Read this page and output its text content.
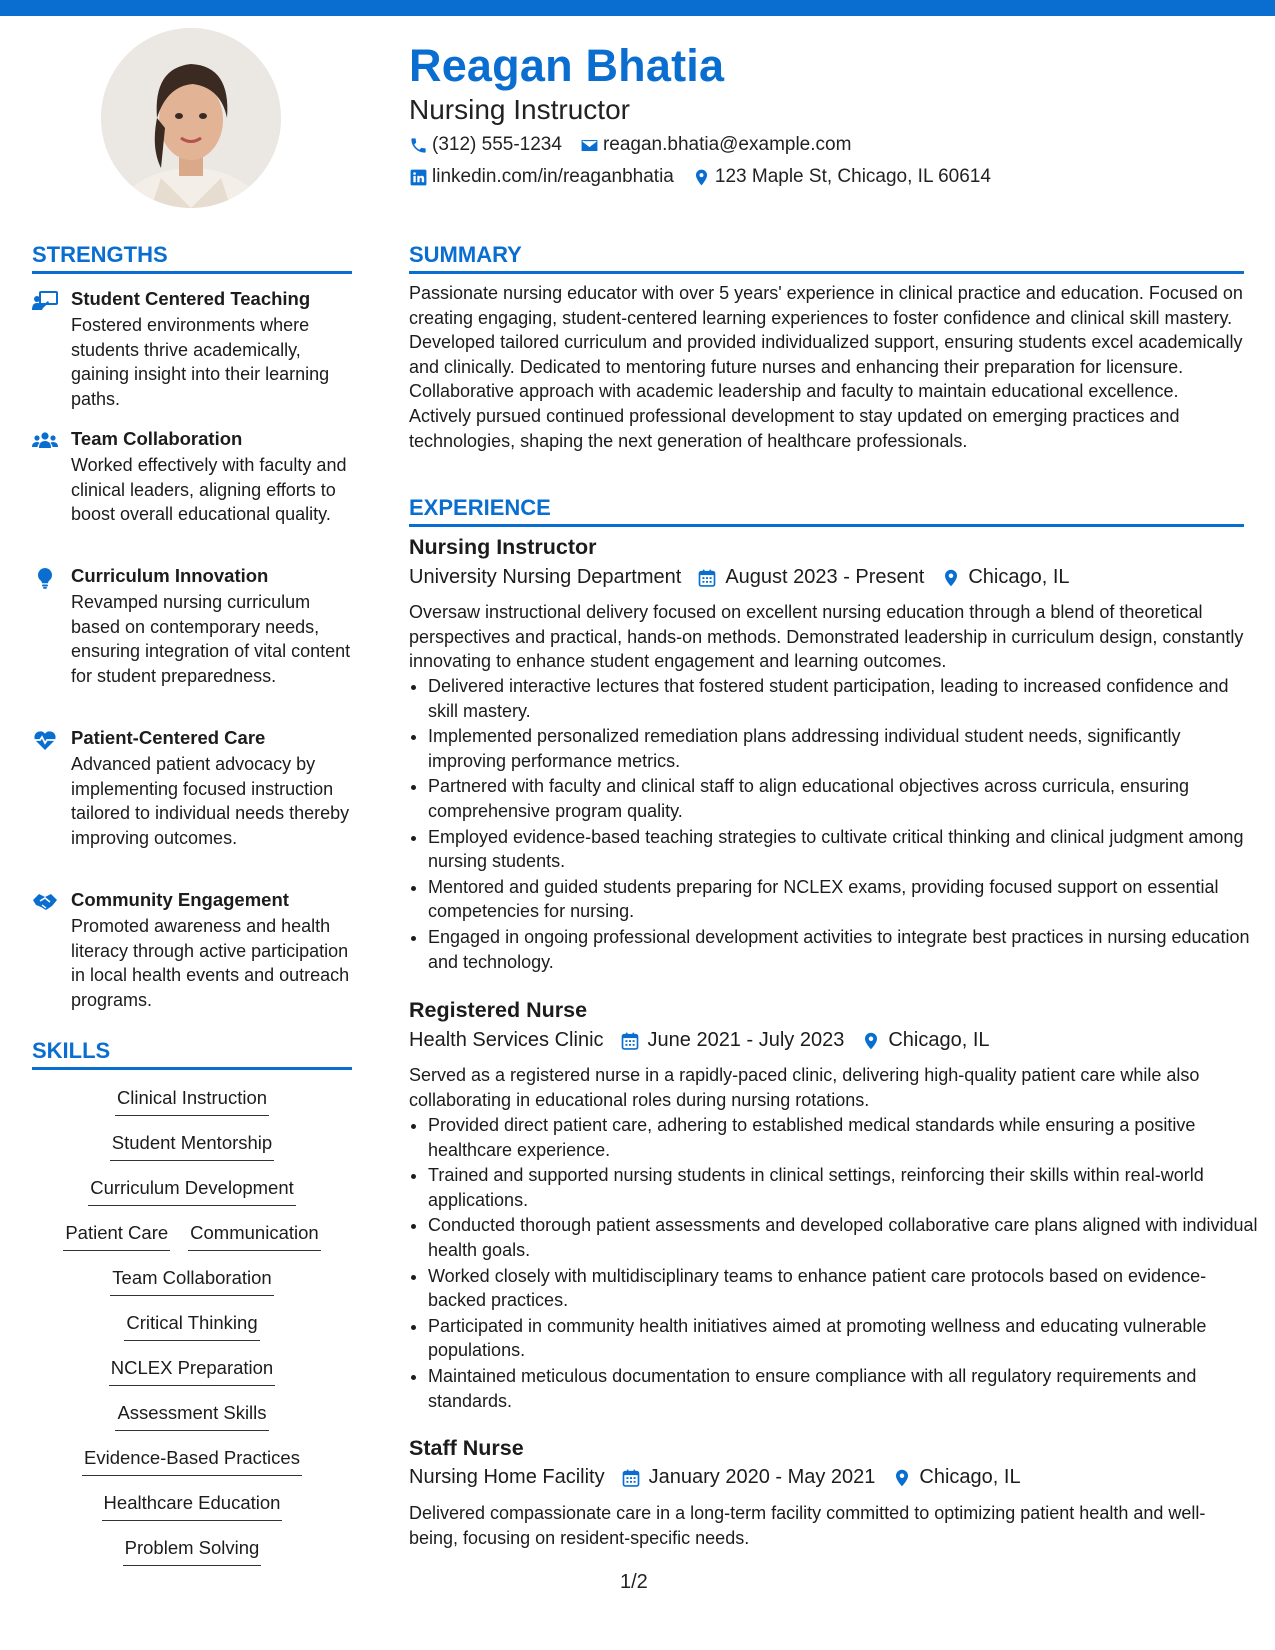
Reagan Bhatia
Nursing Instructor
(312) 555-1234 reagan.bhatia@example.com
linkedin.com/in/reaganbhatia 123 Maple St, Chicago, IL 60614
STRENGTHS
Student Centered Teaching
Fostered environments where students thrive academically, gaining insight into their learning paths.
Team Collaboration
Worked effectively with faculty and clinical leaders, aligning efforts to boost overall educational quality.
Curriculum Innovation
Revamped nursing curriculum based on contemporary needs, ensuring integration of vital content for student preparedness.
Patient-Centered Care
Advanced patient advocacy by implementing focused instruction tailored to individual needs thereby improving outcomes.
Community Engagement
Promoted awareness and health literacy through active participation in local health events and outreach programs.
SKILLS
Clinical Instruction
Student Mentorship
Curriculum Development
Patient Care Communication
Team Collaboration
Critical Thinking
NCLEX Preparation
Assessment Skills
Evidence-Based Practices
Healthcare Education
Problem Solving
SUMMARY
Passionate nursing educator with over 5 years' experience in clinical practice and education. Focused on creating engaging, student-centered learning experiences to foster confidence and clinical skill mastery. Developed tailored curriculum and provided individualized support, ensuring students excel academically and clinically. Dedicated to mentoring future nurses and enhancing their preparation for licensure. Collaborative approach with academic leadership and faculty to maintain educational excellence. Actively pursued continued professional development to stay updated on emerging practices and technologies, shaping the next generation of healthcare professionals.
EXPERIENCE
Nursing Instructor
University Nursing Department August 2023 - Present Chicago, IL
Oversaw instructional delivery focused on excellent nursing education through a blend of theoretical perspectives and practical, hands-on methods. Demonstrated leadership in curriculum design, constantly innovating to enhance student engagement and learning outcomes.
• Delivered interactive lectures that fostered student participation, leading to increased confidence and skill mastery.
• Implemented personalized remediation plans addressing individual student needs, significantly improving performance metrics.
• Partnered with faculty and clinical staff to align educational objectives across curricula, ensuring comprehensive program quality.
• Employed evidence-based teaching strategies to cultivate critical thinking and clinical judgment among nursing students.
• Mentored and guided students preparing for NCLEX exams, providing focused support on essential competencies for nursing.
• Engaged in ongoing professional development activities to integrate best practices in nursing education and technology.
Registered Nurse
Health Services Clinic June 2021 - July 2023 Chicago, IL
Served as a registered nurse in a rapidly-paced clinic, delivering high-quality patient care while also collaborating in educational roles during nursing rotations.
• Provided direct patient care, adhering to established medical standards while ensuring a positive healthcare experience.
• Trained and supported nursing students in clinical settings, reinforcing their skills within real-world applications.
• Conducted thorough patient assessments and developed collaborative care plans aligned with individual health goals.
• Worked closely with multidisciplinary teams to enhance patient care protocols based on evidence-backed practices.
• Participated in community health initiatives aimed at promoting wellness and educating vulnerable populations.
• Maintained meticulous documentation to ensure compliance with all regulatory requirements and standards.
Staff Nurse
Nursing Home Facility January 2020 - May 2021 Chicago, IL
Delivered compassionate care in a long-term facility committed to optimizing patient health and well-being, focusing on resident-specific needs.
1/2
